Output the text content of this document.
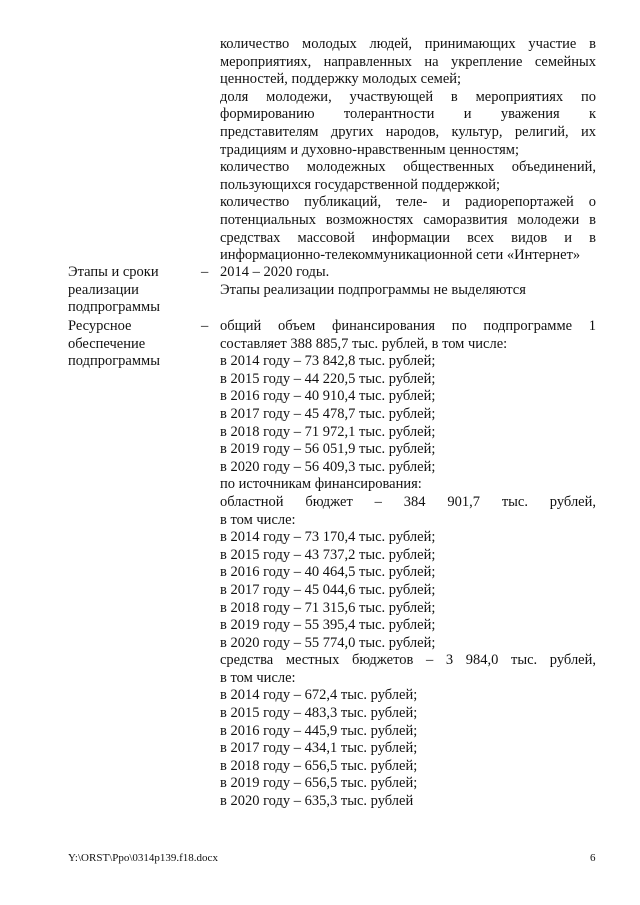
количество молодых людей, принимающих участие в
мероприятиях, направленных на укрепление семейных
ценностей, поддержку молодых семей;
доля молодежи, участвующей в мероприятиях по
формированию толерантности и уважения к
представителям других народов, культур, религий, их
традициям и духовно-нравственным ценностям;
количество молодежных общественных объединений,
пользующихся государственной поддержкой;
количество публикаций, теле- и радиорепортажей о
потенциальных возможностях саморазвития молодежи в
средствах массовой информации всех видов и в
информационно-телекоммуникационной сети «Интернет»
Этапы и сроки
реализации
подпрограммы
– 2014 – 2020 годы.
Этапы реализации подпрограммы не выделяются
Ресурсное
обеспечение
подпрограммы
– общий объем финансирования по подпрограмме 1
составляет 388 885,7 тыс. рублей, в том числе:
в 2014 году – 73 842,8 тыс. рублей;
в 2015 году – 44 220,5 тыс. рублей;
в 2016 году – 40 910,4 тыс. рублей;
в 2017 году – 45 478,7 тыс. рублей;
в 2018 году – 71 972,1 тыс. рублей;
в 2019 году – 56 051,9 тыс. рублей;
в 2020 году – 56 409,3 тыс. рублей;
по источникам финансирования:
областной бюджет – 384 901,7 тыс. рублей,
в том числе:
в 2014 году – 73 170,4 тыс. рублей;
в 2015 году – 43 737,2 тыс. рублей;
в 2016 году – 40 464,5 тыс. рублей;
в 2017 году – 45 044,6 тыс. рублей;
в 2018 году – 71 315,6 тыс. рублей;
в 2019 году – 55 395,4 тыс. рублей;
в 2020 году – 55 774,0 тыс. рублей;
средства местных бюджетов – 3 984,0 тыс. рублей,
в том числе:
в 2014 году – 672,4 тыс. рублей;
в 2015 году – 483,3 тыс. рублей;
в 2016 году – 445,9 тыс. рублей;
в 2017 году – 434,1 тыс. рублей;
в 2018 году – 656,5 тыс. рублей;
в 2019 году – 656,5 тыс. рублей;
в 2020 году – 635,3 тыс. рублей
Y:\ORST\Ppo\0314p139.f18.docx	6
